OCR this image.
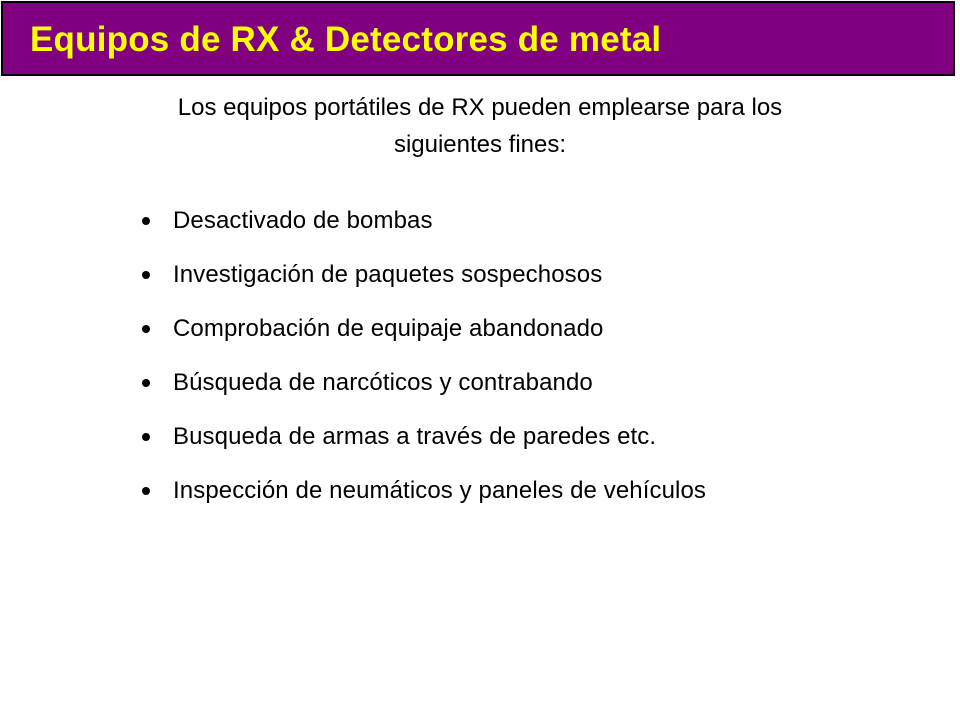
Equipos de RX & Detectores de metal
Los equipos portátiles de RX pueden emplearse para los
siguientes fines:
Desactivado de bombas
Investigación de paquetes sospechosos
Comprobación de equipaje abandonado
Búsqueda de narcóticos y contrabando
Busqueda de armas a través de paredes etc.
Inspección de neumáticos y paneles de vehículos
